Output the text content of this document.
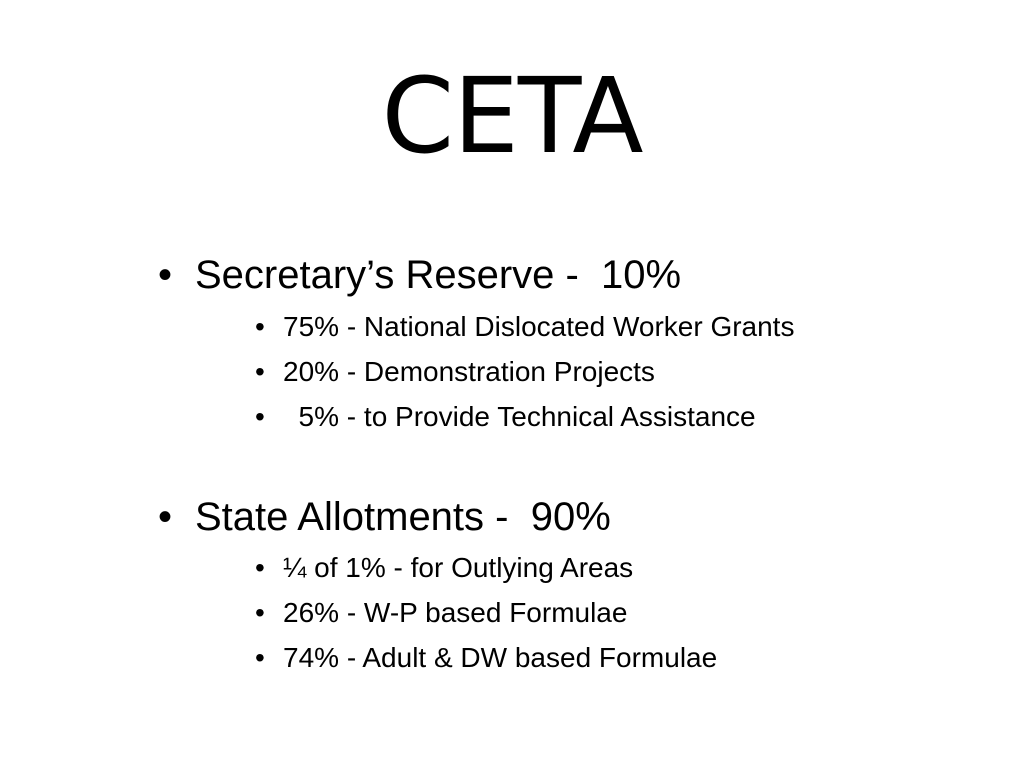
CETA

•

Secretary’s Reserve -  10%

•

75% - National Dislocated Worker Grants

•

20% - Demonstration Projects

•

5% - to Provide Technical Assistance

•

State Allotments -  90%

•

¼ of 1% - for Outlying Areas

•

26% - W-P based Formulae

•

74% - Adult & DW based Formulae
